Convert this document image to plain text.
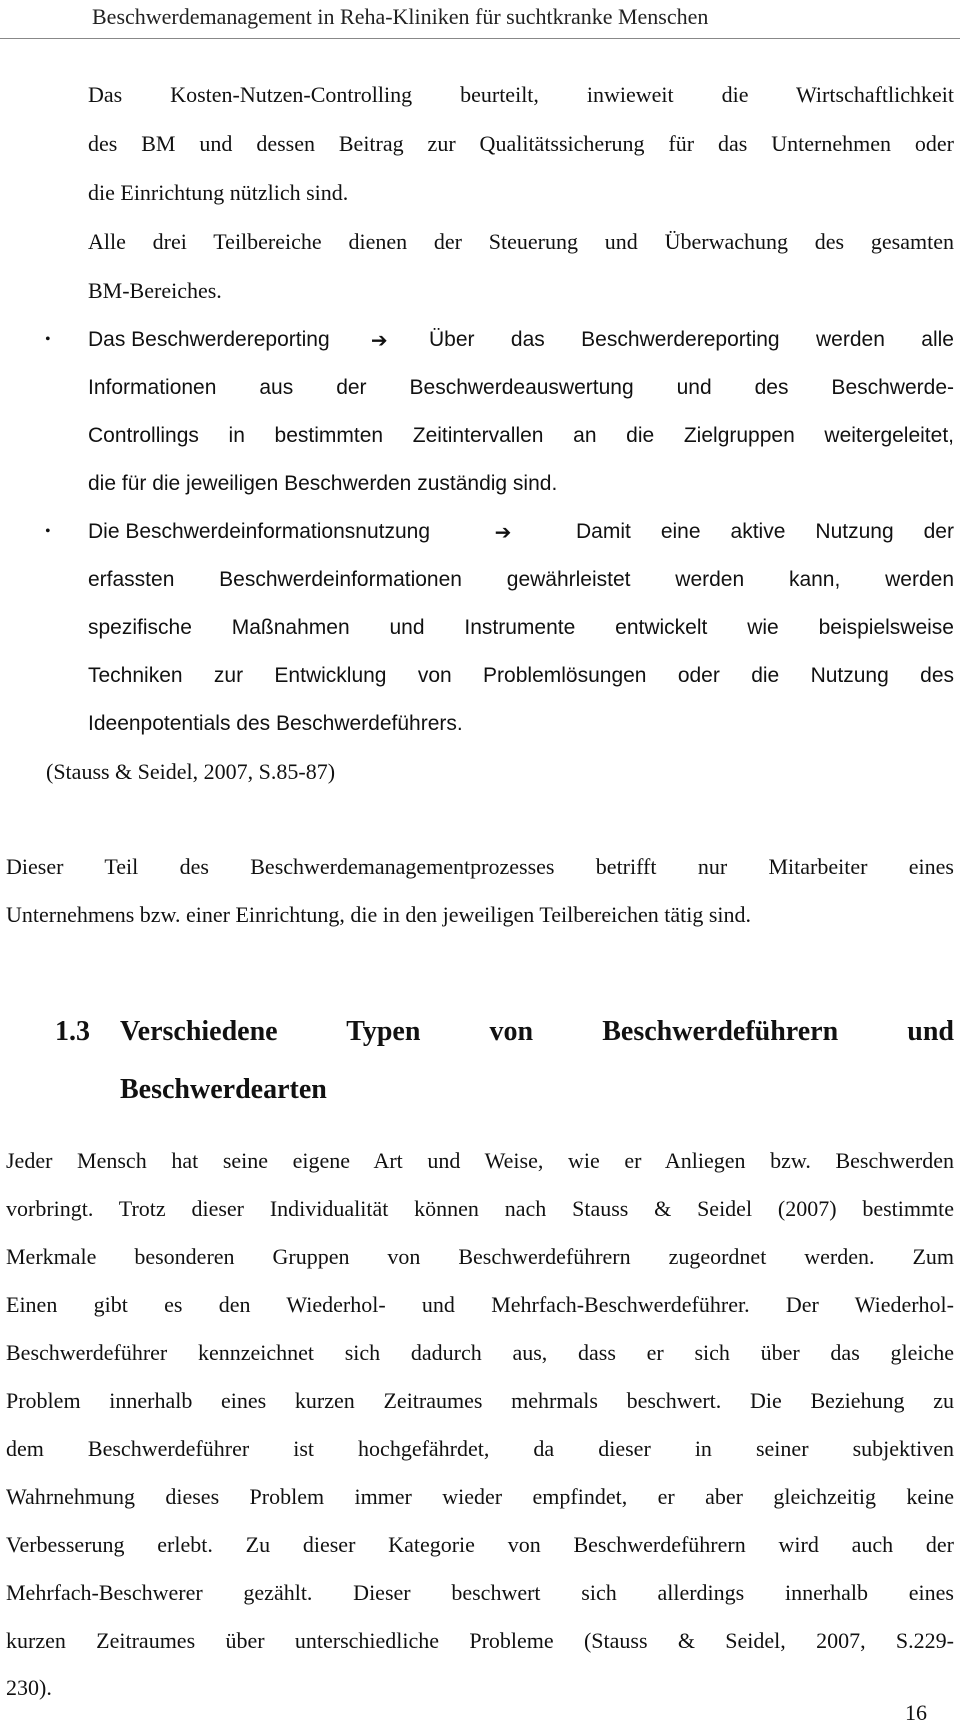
Beschwerdemanagement in Reha-Kliniken für suchtkranke Menschen
Das Kosten-Nutzen-Controlling beurteilt, inwieweit die Wirtschaftlichkeit
des BM und dessen Beitrag zur Qualitätssicherung für das Unternehmen oder
die Einrichtung nützlich sind.
Alle drei Teilbereiche dienen der Steuerung und Überwachung des gesamten
BM-Bereiches.
• Das Beschwerdereporting ➔ Über das Beschwerdereporting werden alle
Informationen aus der Beschwerdeauswertung und des Beschwerde-
Controllings in bestimmten Zeitintervallen an die Zielgruppen weitergeleitet,
die für die jeweiligen Beschwerden zuständig sind.
• Die Beschwerdeinformationsnutzung	➔	Damit eine aktive Nutzung der
erfassten Beschwerdeinformationen gewährleistet werden kann, werden
spezifische Maßnahmen und Instrumente entwickelt wie beispielsweise
Techniken zur Entwicklung von Problemlösungen oder die Nutzung des
Ideenpotentials des Beschwerdeführers.
(Stauss & Seidel, 2007, S.85-87)
Dieser Teil des Beschwerdemanagementprozesses betrifft nur Mitarbeiter eines
Unternehmens bzw. einer Einrichtung, die in den jeweiligen Teilbereichen tätig sind.
1.3 Verschiedene Typen von Beschwerdeführern und
Beschwerdearten
Jeder Mensch hat seine eigene Art und Weise, wie er Anliegen bzw. Beschwerden
vorbringt. Trotz dieser Individualität können nach Stauss & Seidel (2007) bestimmte
Merkmale besonderen Gruppen von Beschwerdeführern zugeordnet werden. Zum
Einen gibt es den Wiederhol- und Mehrfach-Beschwerdeführer. Der Wiederhol-
Beschwerdeführer kennzeichnet sich dadurch aus, dass er sich über das gleiche
Problem innerhalb eines kurzen Zeitraumes mehrmals beschwert. Die Beziehung zu
dem Beschwerdeführer ist hochgefährdet, da dieser in seiner subjektiven
Wahrnehmung dieses Problem immer wieder empfindet, er aber gleichzeitig keine
Verbesserung erlebt. Zu dieser Kategorie von Beschwerdeführern wird auch der
Mehrfach-Beschwerer gezählt. Dieser beschwert sich allerdings innerhalb eines
kurzen Zeitraumes über unterschiedliche Probleme (Stauss & Seidel, 2007, S.229-
230).
16
